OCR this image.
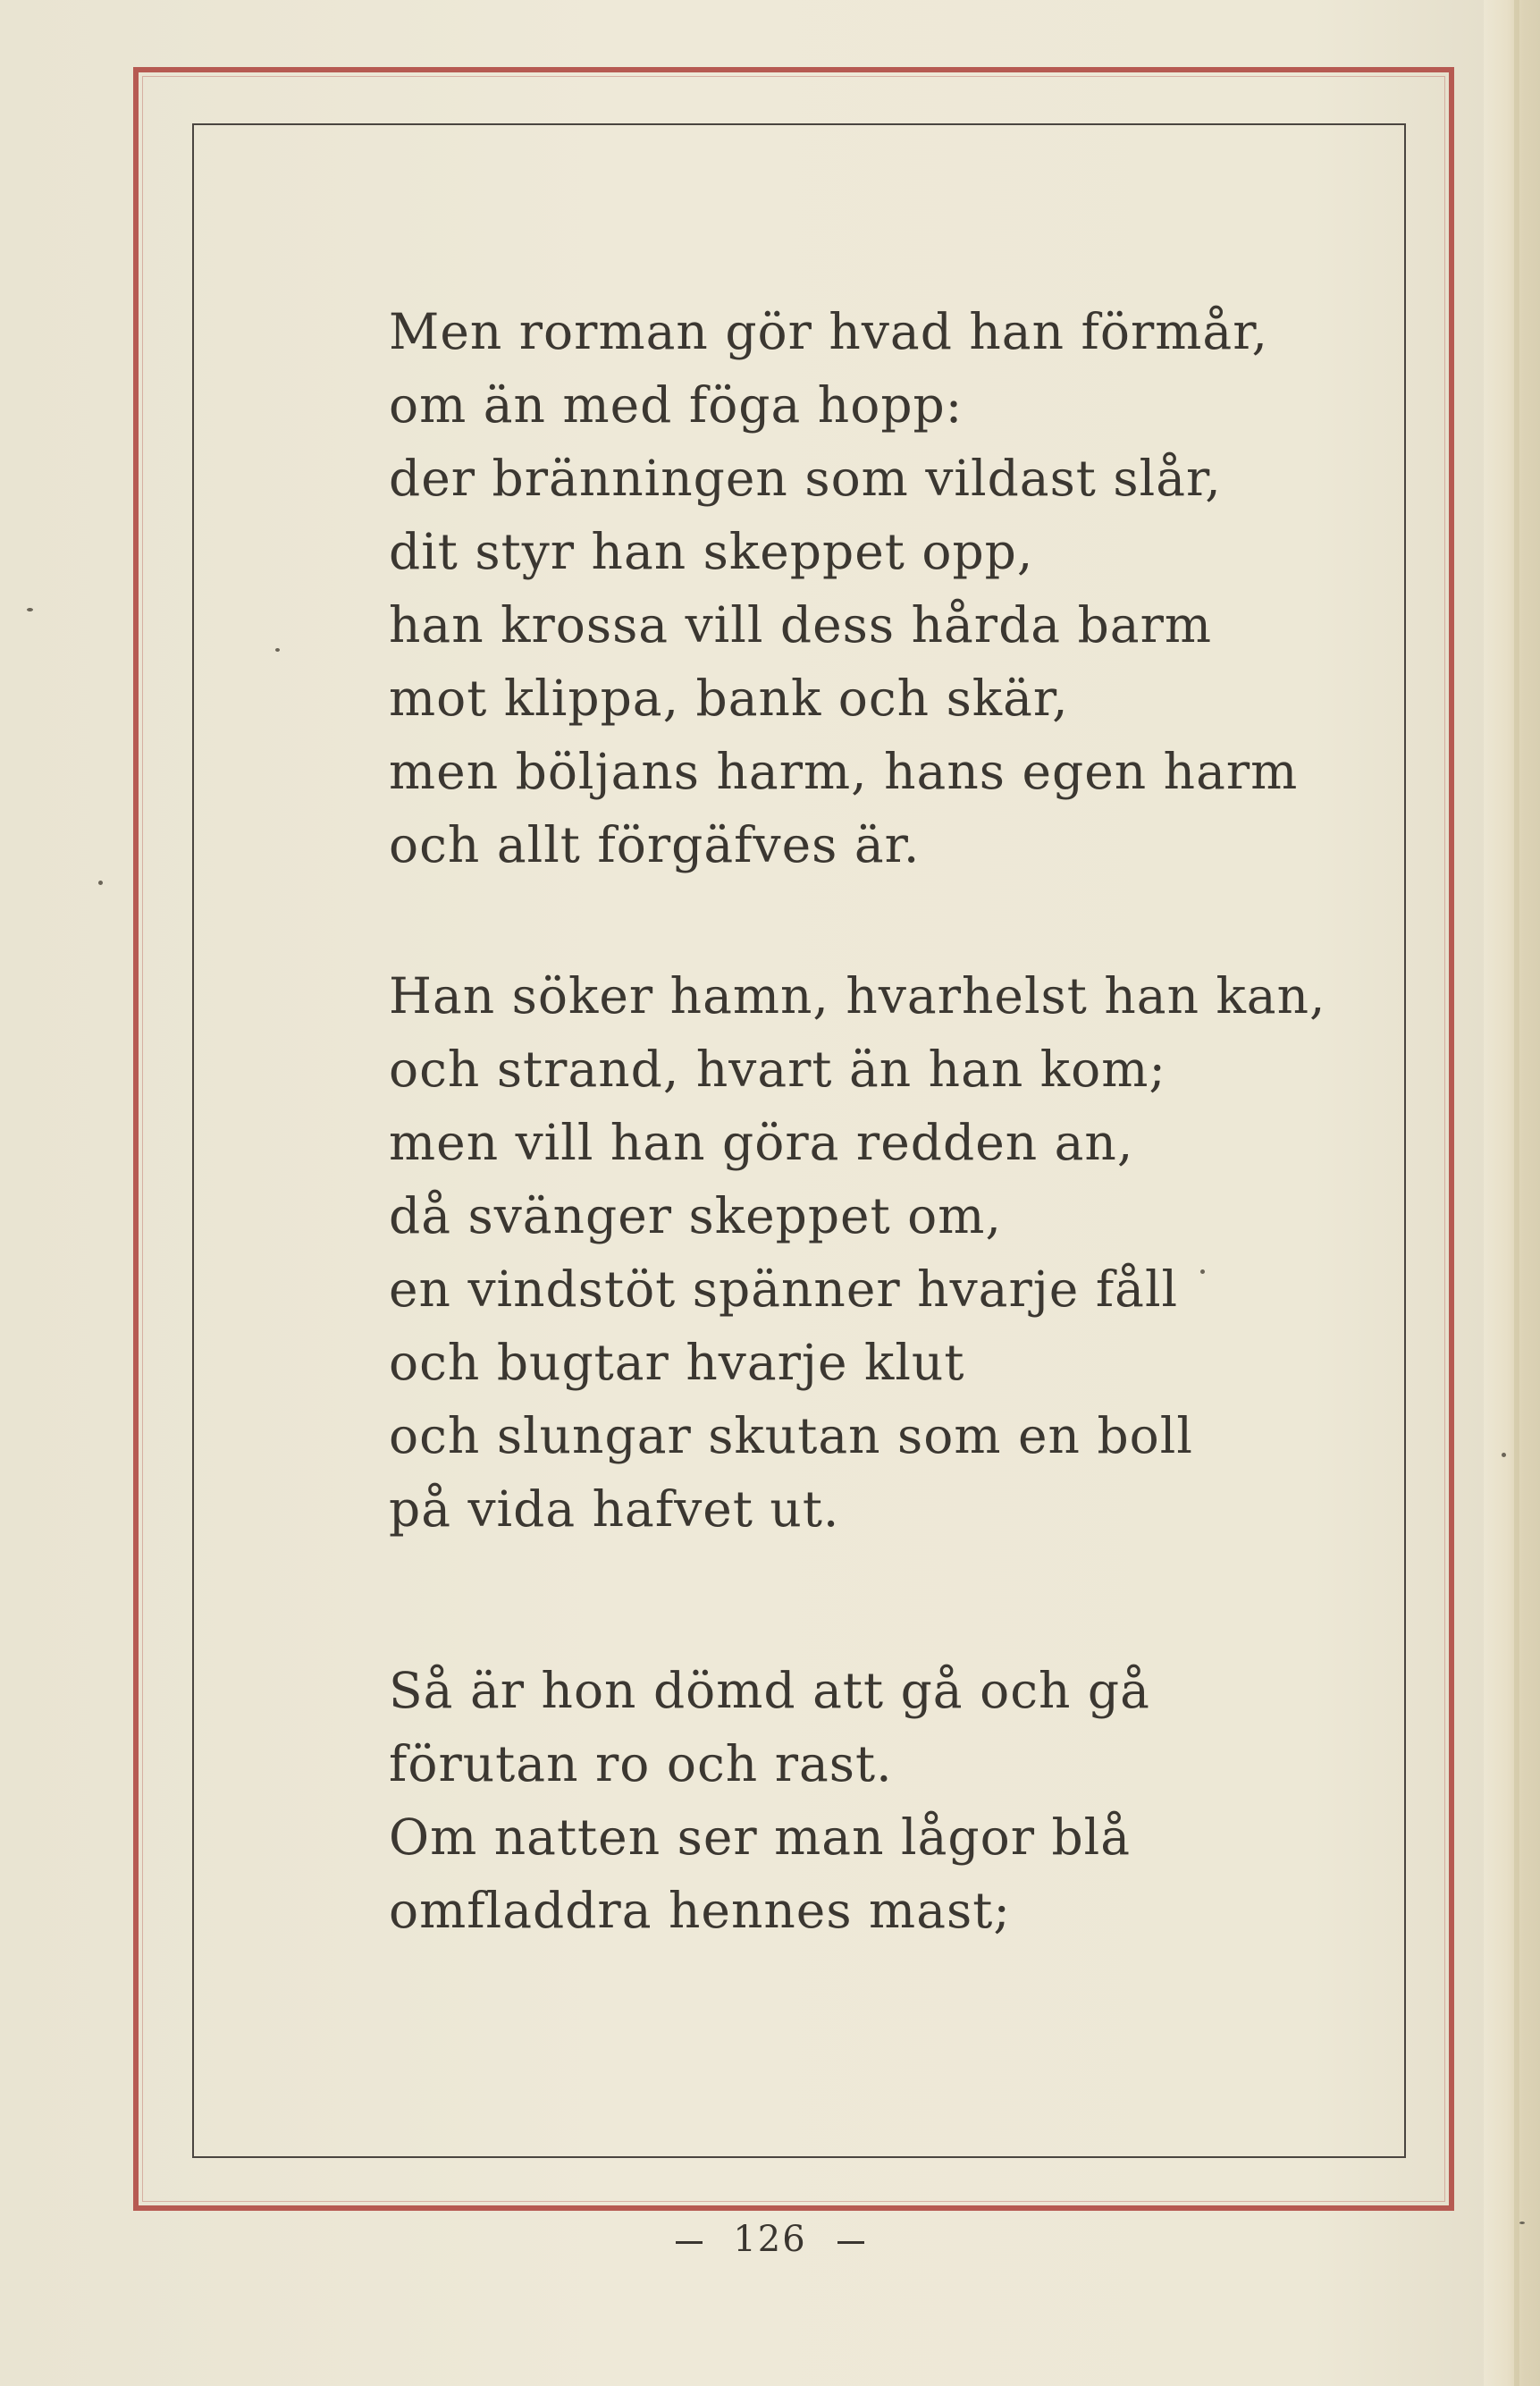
Men rorman gör hvad han förmår,
om än med föga hopp:
der bränningen som vildast slår,
dit styr han skeppet opp,
han krossa vill dess hårda barm
mot klippa, bank och skär,
men böljans harm, hans egen harm
och allt förgäfves är.
Han söker hamn, hvarhelst han kan,
och strand, hvart än han kom;
men vill han göra redden an,
då svänger skeppet om,
en vindstöt spänner hvarje fåll
och bugtar hvarje klut
och slungar skutan som en boll
på vida hafvet ut.
Så är hon dömd att gå och gå
förutan ro och rast.
Om natten ser man lågor blå
omfladdra hennes mast;
126
